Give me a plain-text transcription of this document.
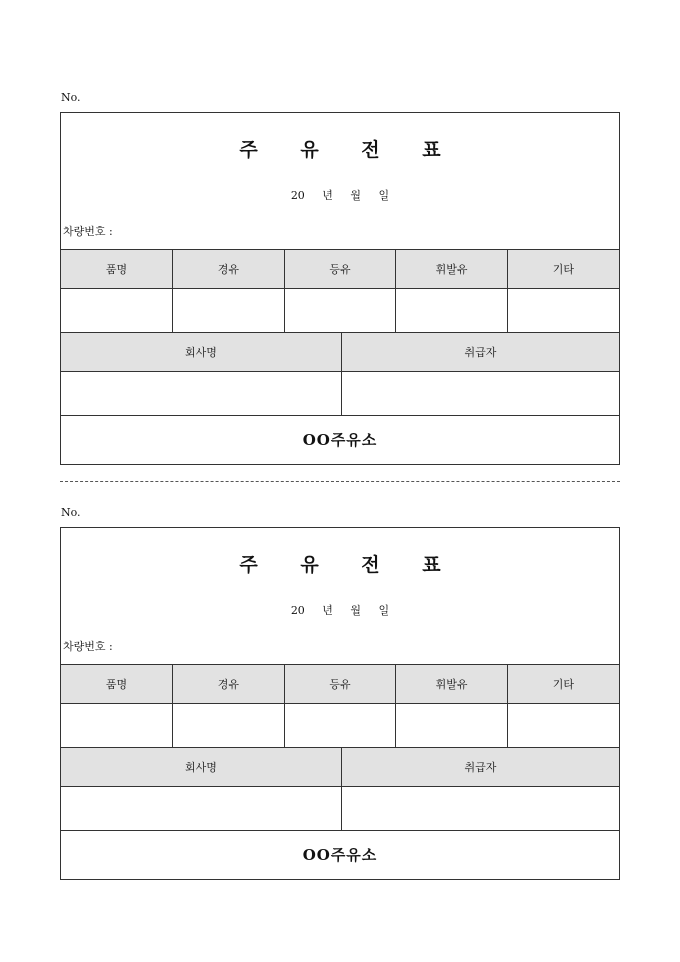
No.
주 유 전 표
20 년 월 일
차량번호 :
품명	경유	등유	휘발유	기타

회사명	취급자

OO주유소
No.
주 유 전 표
20 년 월 일
차량번호 :
품명	경유	등유	휘발유	기타

회사명	취급자

OO주유소
